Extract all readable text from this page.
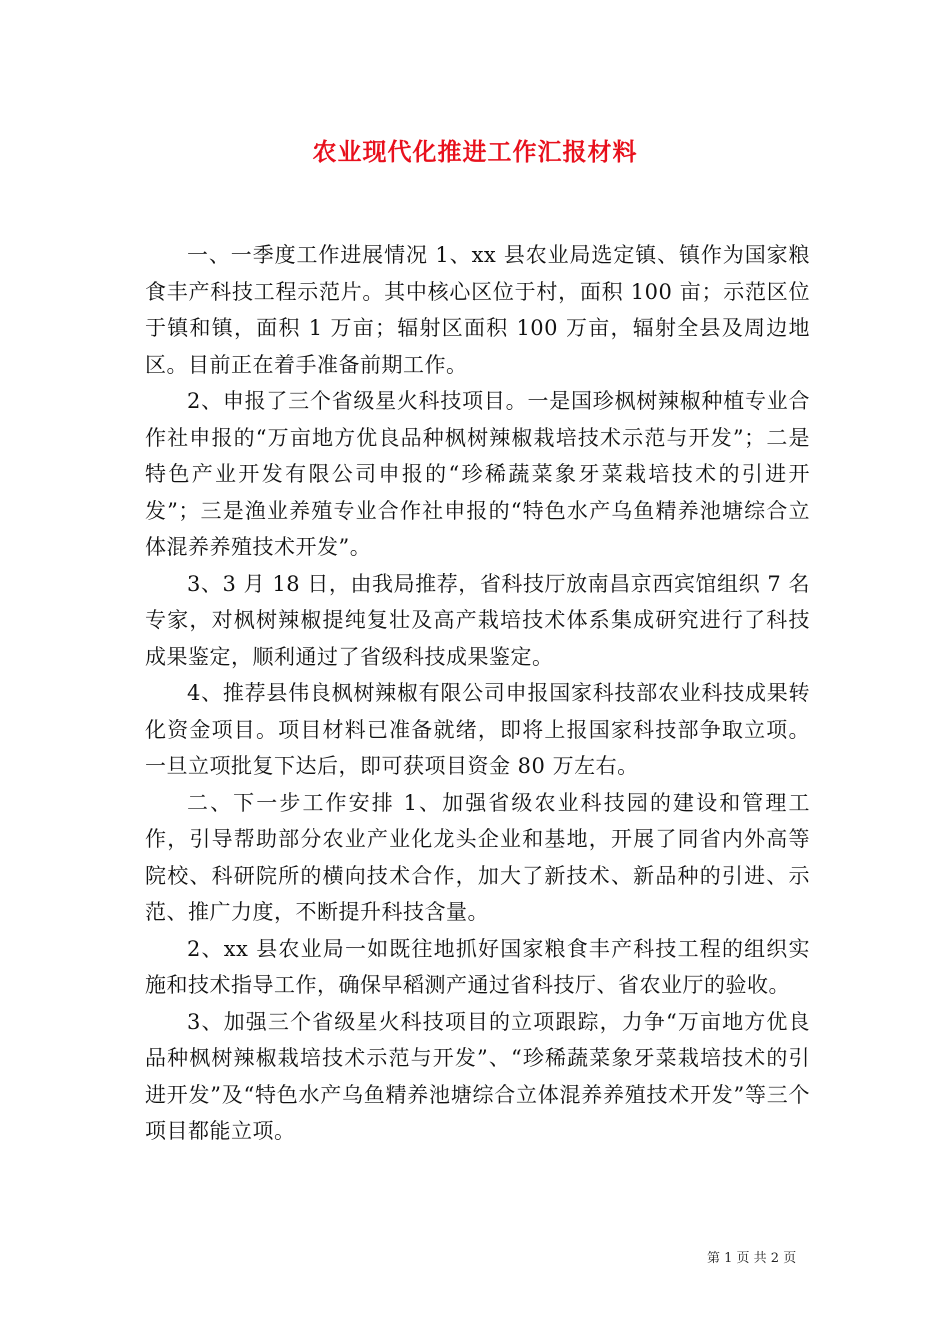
农业现代化推进工作汇报材料

一、一季度工作进展情况 1、xx 县农业局选定镇、镇作为国家粮食丰产科技工程示范片。其中核心区位于村，面积 100 亩；示范区位于镇和镇，面积 1 万亩；辐射区面积 100 万亩，辐射全县及周边地区。目前正在着手准备前期工作。

2、申报了三个省级星火科技项目。一是国珍枫树辣椒种植专业合作社申报的“万亩地方优良品种枫树辣椒栽培技术示范与开发”；二是特色产业开发有限公司申报的“珍稀蔬菜象牙菜栽培技术的引进开发”；三是渔业养殖专业合作社申报的“特色水产乌鱼精养池塘综合立体混养养殖技术开发”。

3、3 月 18 日，由我局推荐，省科技厅放南昌京西宾馆组织 7 名专家，对枫树辣椒提纯复壮及高产栽培技术体系集成研究进行了科技成果鉴定，顺利通过了省级科技成果鉴定。

4、推荐县伟良枫树辣椒有限公司申报国家科技部农业科技成果转化资金项目。项目材料已准备就绪，即将上报国家科技部争取立项。一旦立项批复下达后，即可获项目资金 80 万左右。

二、下一步工作安排 1、加强省级农业科技园的建设和管理工作，引导帮助部分农业产业化龙头企业和基地，开展了同省内外高等院校、科研院所的横向技术合作，加大了新技术、新品种的引进、示范、推广力度，不断提升科技含量。

2、xx 县农业局一如既往地抓好国家粮食丰产科技工程的组织实施和技术指导工作，确保早稻测产通过省科技厅、省农业厅的验收。

3、加强三个省级星火科技项目的立项跟踪，力争“万亩地方优良品种枫树辣椒栽培技术示范与开发”、“珍稀蔬菜象牙菜栽培技术的引进开发”及“特色水产乌鱼精养池塘综合立体混养养殖技术开发”等三个项目都能立项。

第 1 页 共 2 页
